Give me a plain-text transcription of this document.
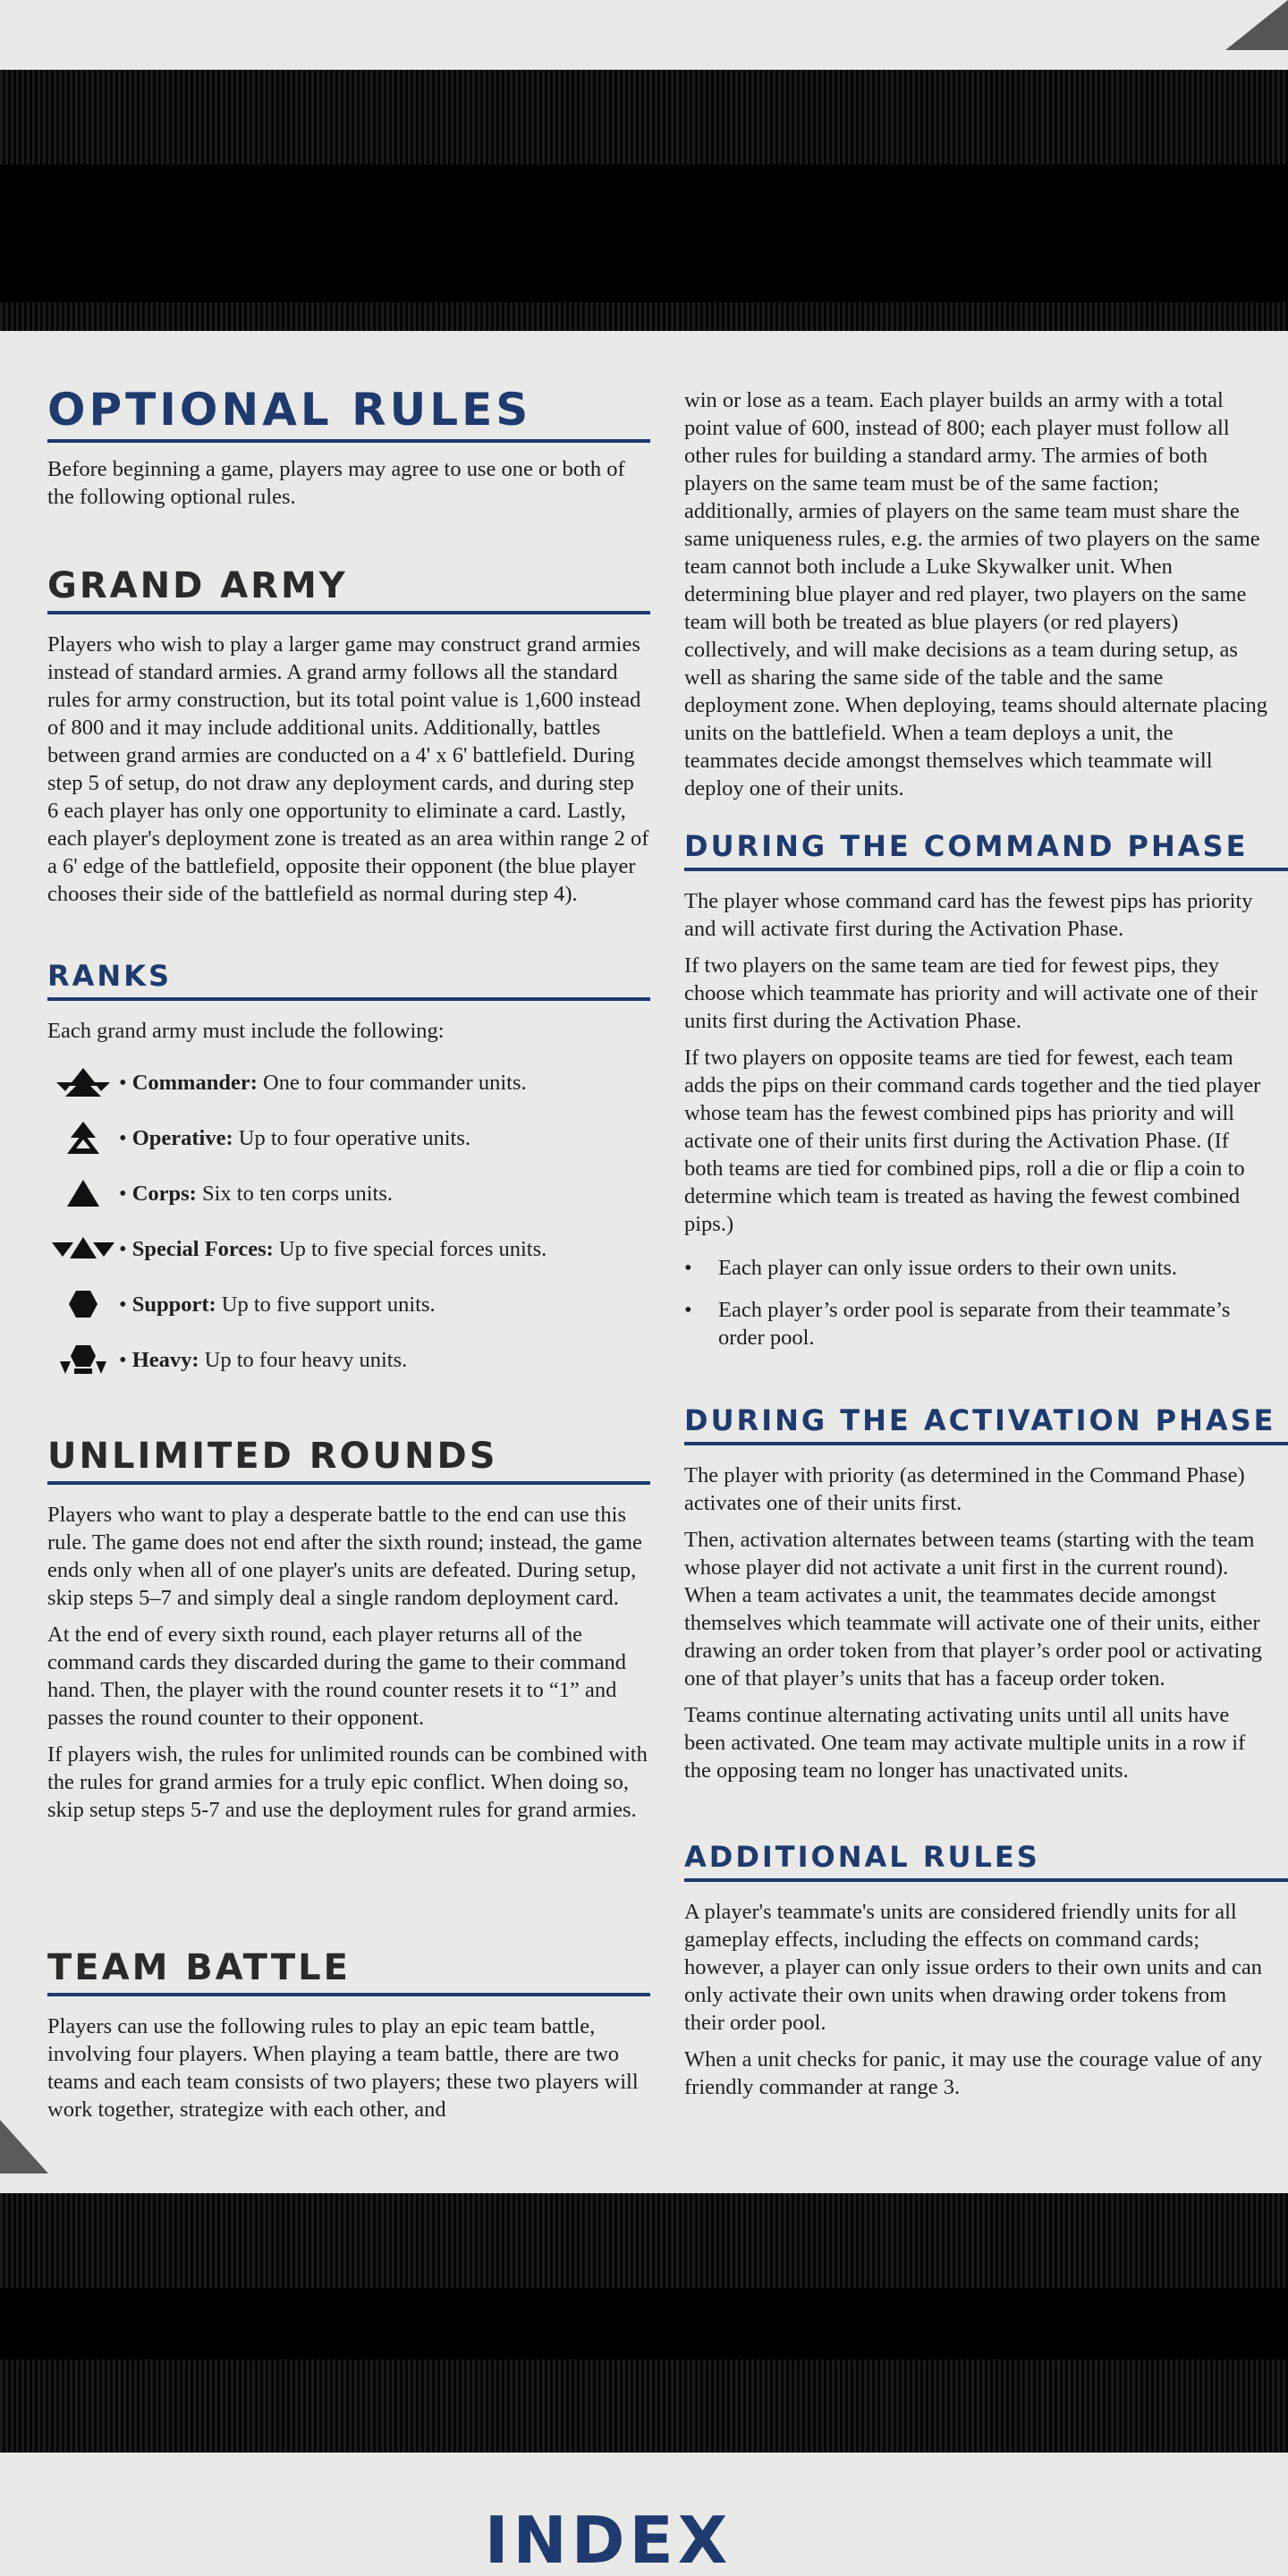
OPTIONAL RULES

Before beginning a game, players may agree to use one or both of the following optional rules.

GRAND ARMY

Players who wish to play a larger game may construct grand armies instead of standard armies. A grand army follows all the standard rules for army construction, but its total point value is 1,600 instead of 800 and it may include additional units. Additionally, battles between grand armies are conducted on a 4' x 6' battlefield. During step 5 of setup, do not draw any deployment cards, and during step 6 each player has only one opportunity to eliminate a card. Lastly, each player's deployment zone is treated as an area within range 2 of a 6' edge of the battlefield, opposite their opponent (the blue player chooses their side of the battlefield as normal during step 4).

RANKS

Each grand army must include the following:

• Commander: One to four commander units.
• Operative: Up to four operative units.
• Corps: Six to ten corps units.
• Special Forces: Up to five special forces units.
• Support: Up to five support units.
• Heavy: Up to four heavy units.
UNLIMITED ROUNDS

Players who want to play a desperate battle to the end can use this rule. The game does not end after the sixth round; instead, the game ends only when all of one player's units are defeated. During setup, skip steps 5–7 and simply deal a single random deployment card.

At the end of every sixth round, each player returns all of the command cards they discarded during the game to their command hand. Then, the player with the round counter resets it to “1” and passes the round counter to their opponent.

If players wish, the rules for unlimited rounds can be combined with the rules for grand armies for a truly epic conflict. When doing so, skip setup steps 5-7 and use the deployment rules for grand armies.

TEAM BATTLE

Players can use the following rules to play an epic team battle, involving four players. When playing a team battle, there are two teams and each team consists of two players; these two players will work together, strategize with each other, and

win or lose as a team. Each player builds an army with a total point value of 600, instead of 800; each player must follow all other rules for building a standard army. The armies of both players on the same team must be of the same faction; additionally, armies of players on the same team must share the same uniqueness rules, e.g. the armies of two players on the same team cannot both include a Luke Skywalker unit. When determining blue player and red player, two players on the same team will both be treated as blue players (or red players) collectively, and will make decisions as a team during setup, as well as sharing the same side of the table and the same deployment zone. When deploying, teams should alternate placing units on the battlefield. When a team deploys a unit, the teammates decide amongst themselves which teammate will deploy one of their units.

DURING THE COMMAND PHASE

The player whose command card has the fewest pips has priority and will activate first during the Activation Phase.

If two players on the same team are tied for fewest pips, they choose which teammate has priority and will activate one of their units first during the Activation Phase.

If two players on opposite teams are tied for fewest, each team adds the pips on their command cards together and the tied player whose team has the fewest combined pips has priority and will activate one of their units first during the Activation Phase. (If both teams are tied for combined pips, roll a die or flip a coin to determine which team is treated as having the fewest combined pips.)

• Each player can only issue orders to their own units.
• Each player’s order pool is separate from their teammate’s order pool.
DURING THE ACTIVATION PHASE

The player with priority (as determined in the Command Phase) activates one of their units first.

Then, activation alternates between teams (starting with the team whose player did not activate a unit first in the current round). When a team activates a unit, the teammates decide amongst themselves which teammate will activate one of their units, either drawing an order token from that player’s order pool or activating one of that player’s units that has a faceup order token.

Teams continue alternating activating units until all units have been activated. One team may activate multiple units in a row if the opposing team no longer has unactivated units.

ADDITIONAL RULES

A player's teammate's units are considered friendly units for all gameplay effects, including the effects on command cards; however, a player can only issue orders to their own units and can only activate their own units when drawing order tokens from their order pool.

When a unit checks for panic, it may use the courage value of any friendly commander at range 3.

INDEX
